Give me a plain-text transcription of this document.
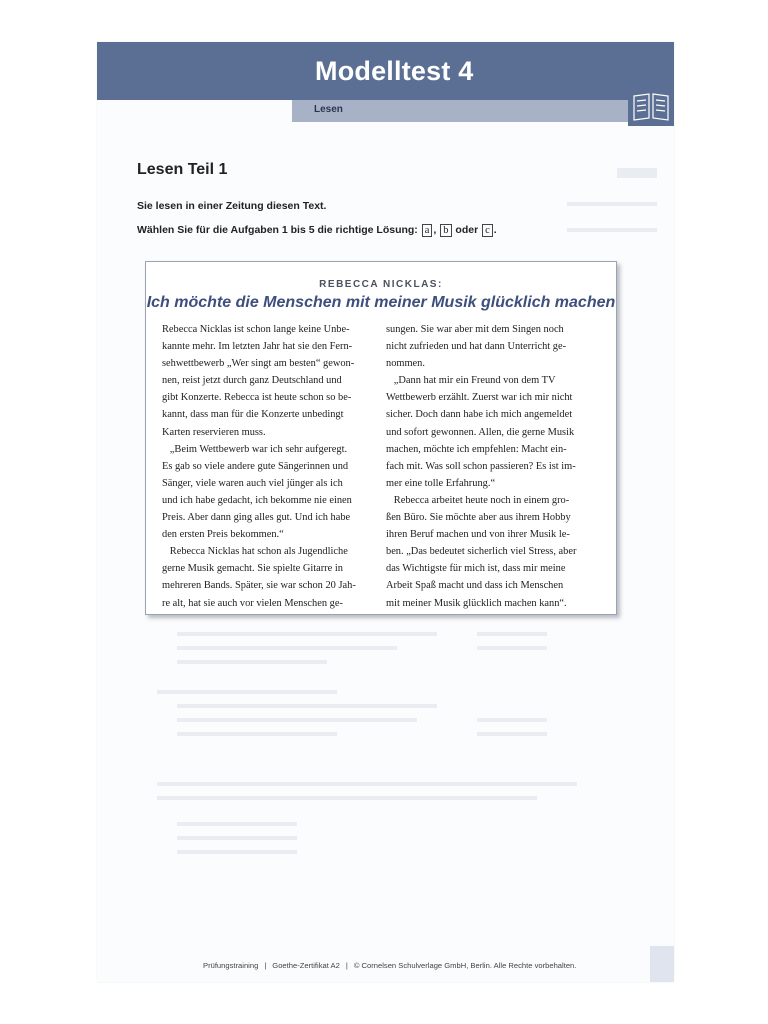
Modelltest 4
Lesen
Lesen Teil 1
Sie lesen in einer Zeitung diesen Text.
Wählen Sie für die Aufgaben 1 bis 5 die richtige Lösung: a , b oder c .
REBECCA NICKLAS:
Ich möchte die Menschen mit meiner Musik glücklich machen
Rebecca Nicklas ist schon lange keine Unbe-
kannte mehr. Im letzten Jahr hat sie den Fern-
sehwettbewerb „Wer singt am besten“ gewon-
nen, reist jetzt durch ganz Deutschland und
gibt Konzerte. Rebecca ist heute schon so be-
kannt, dass man für die Konzerte unbedingt
Karten reservieren muss.
„Beim Wettbewerb war ich sehr aufgeregt.
Es gab so viele andere gute Sängerinnen und
Sänger, viele waren auch viel jünger als ich
und ich habe gedacht, ich bekomme nie einen
Preis. Aber dann ging alles gut. Und ich habe
den ersten Preis bekommen.“
Rebecca Nicklas hat schon als Jugendliche
gerne Musik gemacht. Sie spielte Gitarre in
mehreren Bands. Später, sie war schon 20 Jah-
re alt, hat sie auch vor vielen Menschen ge-
sungen. Sie war aber mit dem Singen noch
nicht zufrieden und hat dann Unterricht ge-
nommen.
„Dann hat mir ein Freund von dem TV
Wettbewerb erzählt. Zuerst war ich mir nicht
sicher. Doch dann habe ich mich angemeldet
und sofort gewonnen. Allen, die gerne Musik
machen, möchte ich empfehlen: Macht ein-
fach mit. Was soll schon passieren? Es ist im-
mer eine tolle Erfahrung.“
Rebecca arbeitet heute noch in einem gro-
ßen Büro. Sie möchte aber aus ihrem Hobby
ihren Beruf machen und von ihrer Musik le-
ben. „Das bedeutet sicherlich viel Stress, aber
das Wichtigste für mich ist, dass mir meine
Arbeit Spaß macht und dass ich Menschen
mit meiner Musik glücklich machen kann“.
Prüfungstraining | Goethe-Zertifikat A2 | © Cornelsen Schulverlage GmbH, Berlin. Alle Rechte vorbehalten.
